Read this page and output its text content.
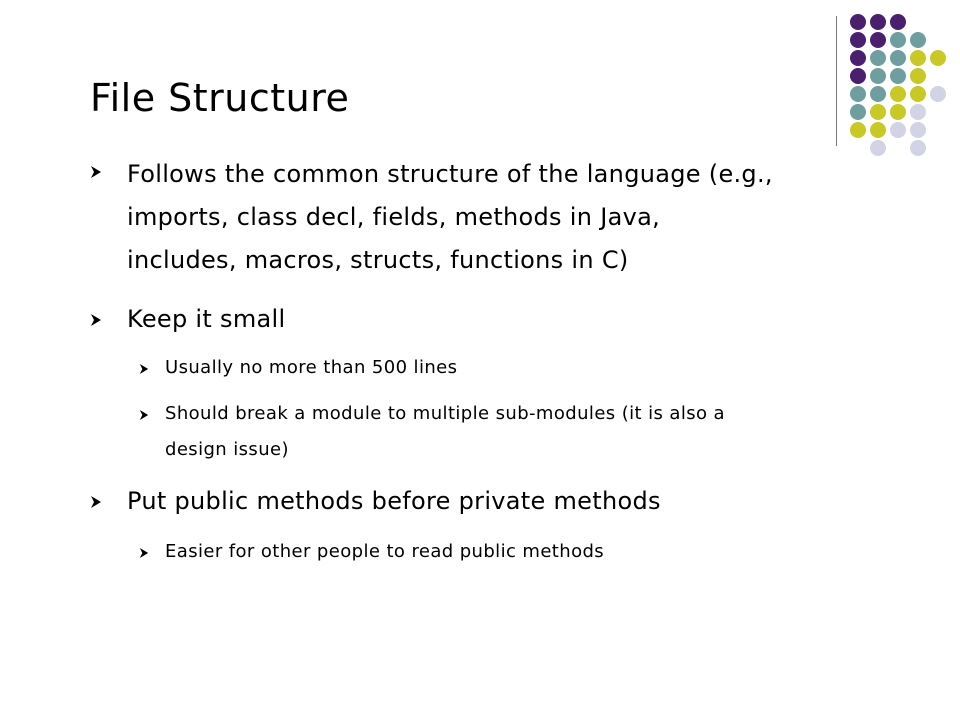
File Structure
Follows the common structure of the language (e.g.,
imports, class decl, fields, methods in Java,
includes, macros, structs, functions in C)
Keep it small
Usually no more than 500 lines
Should break a module to multiple sub-modules (it is also a
design issue)
Put public methods before private methods
Easier for other people to read public methods
